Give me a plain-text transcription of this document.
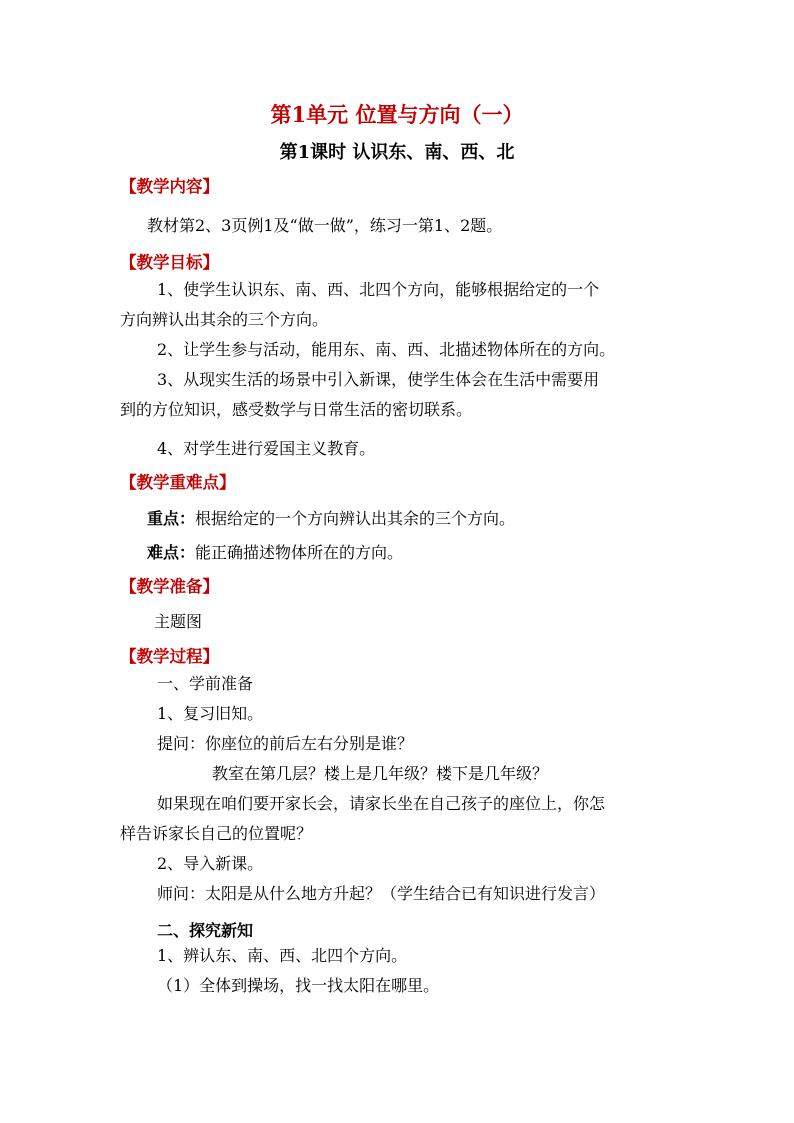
第1单元 位置与方向（一）
第1课时 认识东、南、西、北
【教学内容】
教材第2、3页例1及“做一做”，练习一第1、2题。
【教学目标】
1、使学生认识东、南、西、北四个方向，能够根据给定的一个
方向辨认出其余的三个方向。
2、让学生参与活动，能用东、南、西、北描述物体所在的方向。
3、从现实生活的场景中引入新课，使学生体会在生活中需要用
到的方位知识，感受数学与日常生活的密切联系。
4、对学生进行爱国主义教育。
【教学重难点】
重点：根据给定的一个方向辨认出其余的三个方向。
难点：能正确描述物体所在的方向。
【教学准备】
主题图
【教学过程】
一、学前准备
1、复习旧知。
提问：你座位的前后左右分别是谁？
教室在第几层？楼上是几年级？楼下是几年级？
如果现在咱们要开家长会，请家长坐在自己孩子的座位上，你怎
样告诉家长自己的位置呢？
2、导入新课。
师问：太阳是从什么地方升起？（学生结合已有知识进行发言）
二、探究新知
1、辨认东、南、西、北四个方向。
（1）全体到操场，找一找太阳在哪里。
